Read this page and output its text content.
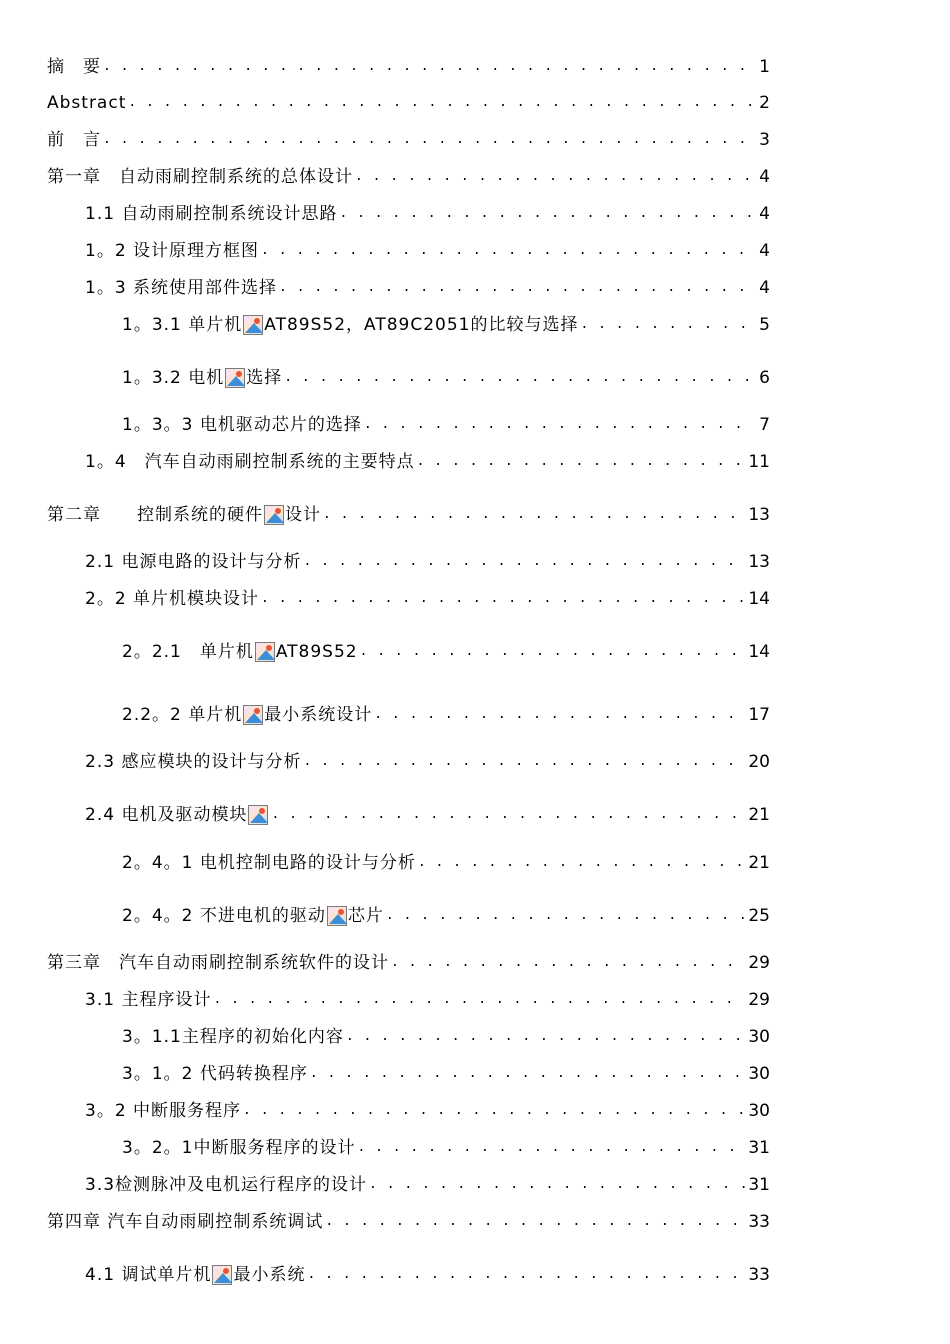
摘　要 . . .	1
Abstract . . .	2
前　言 . . .	3
第一章　自动雨刷控制系统的总体设计 . . .	4
1.1 自动雨刷控制系统设计思路 . . .	4
1。2 设计原理方框图 . . .	4
1。3 系统使用部件选择 . . .	4
1。3.1 单片机 AT89S52，AT89C2051的比较与选择 . . .	5
1。3.2 电机 选择 . . .	6
1。3。3 电机驱动芯片的选择 . . .	7
1。4　汽车自动雨刷控制系统的主要特点 . . .	11
第二章　　控制系统的硬件 设计 . . .	13
2.1 电源电路的设计与分析 . . .	13
2。2 单片机模块设计 . . .	14
2。2.1　单片机 AT89S52 . . .	14
2.2。2 单片机 最小系统设计 . . .	17
2.3 感应模块的设计与分析 . . .	20
2.4 电机及驱动模块 . . .	21
2。4。1 电机控制电路的设计与分析 . . .	21
2。4。2 不进电机的驱动 芯片 . . .	25
第三章　汽车自动雨刷控制系统软件的设计 . . .	29
3.1 主程序设计 . . .	29
3。1.1主程序的初始化内容 . . .	30
3。1。2 代码转换程序 . . .	30
3。2 中断服务程序 . . .	30
3。2。1中断服务程序的设计 . . .	31
3.3检测脉冲及电机运行程序的设计 . . .	31
第四章 汽车自动雨刷控制系统调试 . . .	33
4.1 调试单片机 最小系统 . . .	33
